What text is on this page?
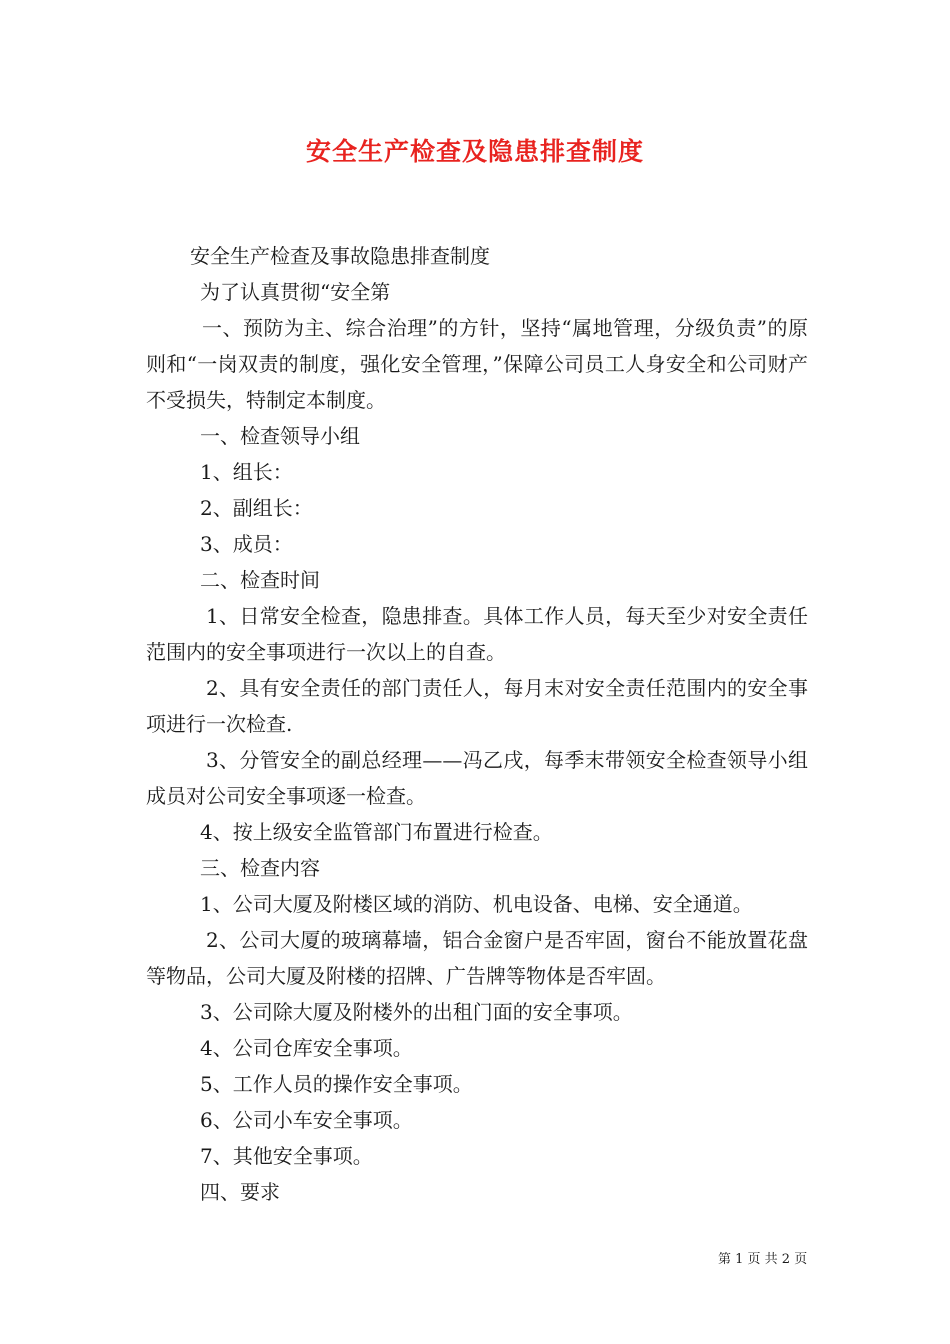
安全生产检查及隐患排查制度

安全生产检查及事故隐患排查制度

为了认真贯彻“安全第

一、预防为主、综合治理”的方针，坚持“属地管理，分级负责”的原则和“一岗双责的制度，强化安全管理，”保障公司员工人身安全和公司财产不受损失，特制定本制度。

一、检查领导小组

1、组长：

2、副组长：

3、成员：

二、检查时间

1、日常安全检查，隐患排查。具体工作人员，每天至少对安全责任范围内的安全事项进行一次以上的自查。

2、具有安全责任的部门责任人，每月末对安全责任范围内的安全事项进行一次检查.

3、分管安全的副总经理——冯乙戌，每季末带领安全检查领导小组成员对公司安全事项逐一检查。

4、按上级安全监管部门布置进行检查。

三、检查内容

1、公司大厦及附楼区域的消防、机电设备、电梯、安全通道。

2、公司大厦的玻璃幕墙，铝合金窗户是否牢固，窗台不能放置花盘等物品，公司大厦及附楼的招牌、广告牌等物体是否牢固。

3、公司除大厦及附楼外的出租门面的安全事项。

4、公司仓库安全事项。

5、工作人员的操作安全事项。

6、公司小车安全事项。

7、其他安全事项。

四、要求

第 1 页 共 2 页
